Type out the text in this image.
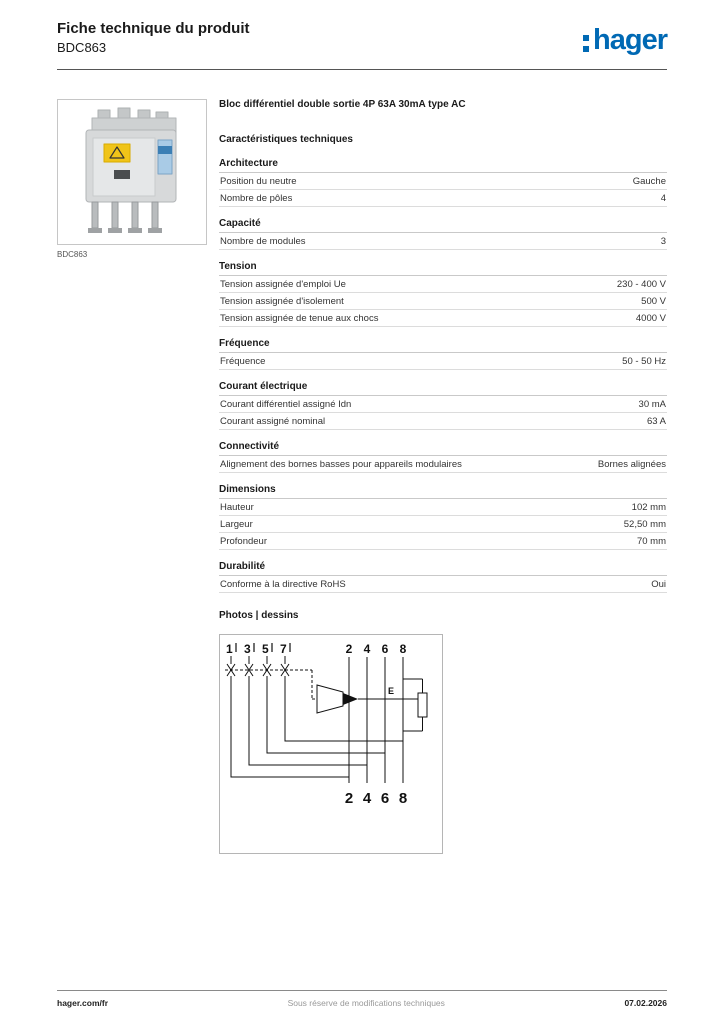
Fiche technique du produit
BDC863	hager
BDC863
Bloc différentiel double sortie 4P 63A 30mA type AC
Caractéristiques techniques
Architecture
Position du neutre	Gauche
Nombre de pôles	4
Capacité
Nombre de modules	3
Tension
Tension assignée d'emploi Ue	230 - 400 V
Tension assignée d'isolement	500 V
Tension assignée de tenue aux chocs	4000 V
Fréquence
Fréquence	50 - 50 Hz
Courant électrique
Courant différentiel assigné Idn	30 mA
Courant assigné nominal	63 A
Connectivité
Alignement des bornes basses pour appareils modulaires	Bornes alignées
Dimensions
Hauteur	102 mm
Largeur	52,50 mm
Profondeur	70 mm
Durabilité
Conforme à la directive RoHS	Oui
Photos | dessins
1 3 5 7	2 4 6 8
E
2 4 6 8
hager.com/fr	Sous réserve de modifications techniques	07.02.2026
